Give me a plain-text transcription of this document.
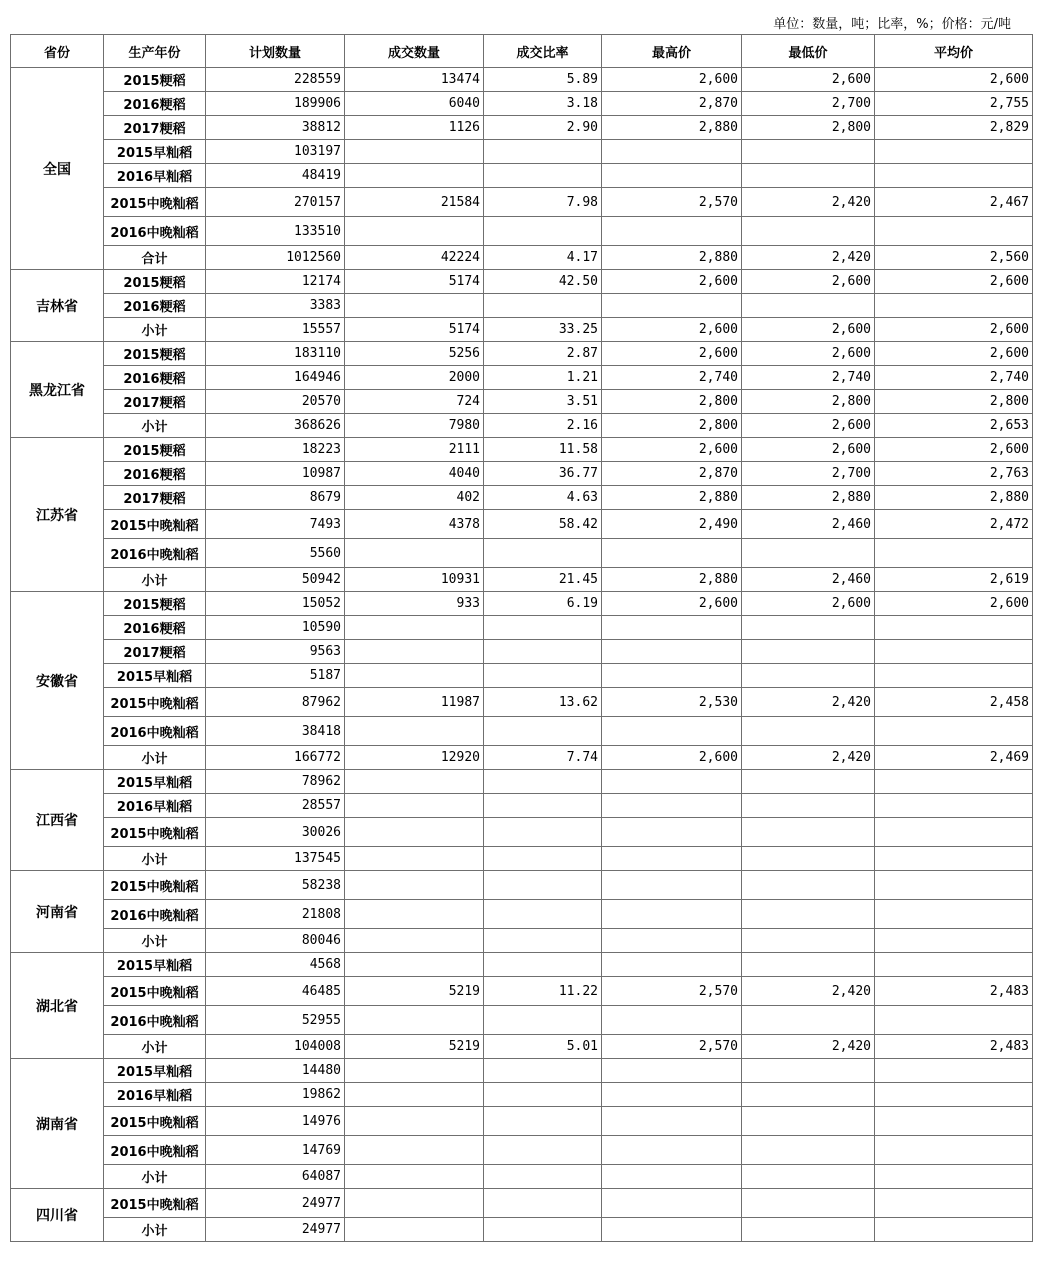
单位：数量，吨；比率，%；价格：元/吨
省份	生产年份	计划数量	成交数量	成交比率	最高价	最低价	平均价
全国	2015粳稻	228559	13474	5.89	2,600	2,600	2,600
	2016粳稻	189906	6040	3.18	2,870	2,700	2,755
	2017粳稻	38812	1126	2.90	2,880	2,800	2,829
	2015早籼稻	103197					
	2016早籼稻	48419					
	2015中晚籼稻	270157	21584	7.98	2,570	2,420	2,467
	2016中晚籼稻	133510					
	合计	1012560	42224	4.17	2,880	2,420	2,560
吉林省	2015粳稻	12174	5174	42.50	2,600	2,600	2,600
	2016粳稻	3383					
	小计	15557	5174	33.25	2,600	2,600	2,600
黑龙江省	2015粳稻	183110	5256	2.87	2,600	2,600	2,600
	2016粳稻	164946	2000	1.21	2,740	2,740	2,740
	2017粳稻	20570	724	3.51	2,800	2,800	2,800
	小计	368626	7980	2.16	2,800	2,600	2,653
江苏省	2015粳稻	18223	2111	11.58	2,600	2,600	2,600
	2016粳稻	10987	4040	36.77	2,870	2,700	2,763
	2017粳稻	8679	402	4.63	2,880	2,880	2,880
	2015中晚籼稻	7493	4378	58.42	2,490	2,460	2,472
	2016中晚籼稻	5560					
	小计	50942	10931	21.45	2,880	2,460	2,619
安徽省	2015粳稻	15052	933	6.19	2,600	2,600	2,600
	2016粳稻	10590					
	2017粳稻	9563					
	2015早籼稻	5187					
	2015中晚籼稻	87962	11987	13.62	2,530	2,420	2,458
	2016中晚籼稻	38418					
	小计	166772	12920	7.74	2,600	2,420	2,469
江西省	2015早籼稻	78962					
	2016早籼稻	28557					
	2015中晚籼稻	30026					
	小计	137545					
河南省	2015中晚籼稻	58238					
	2016中晚籼稻	21808					
	小计	80046					
湖北省	2015早籼稻	4568					
	2015中晚籼稻	46485	5219	11.22	2,570	2,420	2,483
	2016中晚籼稻	52955					
	小计	104008	5219	5.01	2,570	2,420	2,483
湖南省	2015早籼稻	14480					
	2016早籼稻	19862					
	2015中晚籼稻	14976					
	2016中晚籼稻	14769					
	小计	64087					
四川省	2015中晚籼稻	24977					
	小计	24977					
